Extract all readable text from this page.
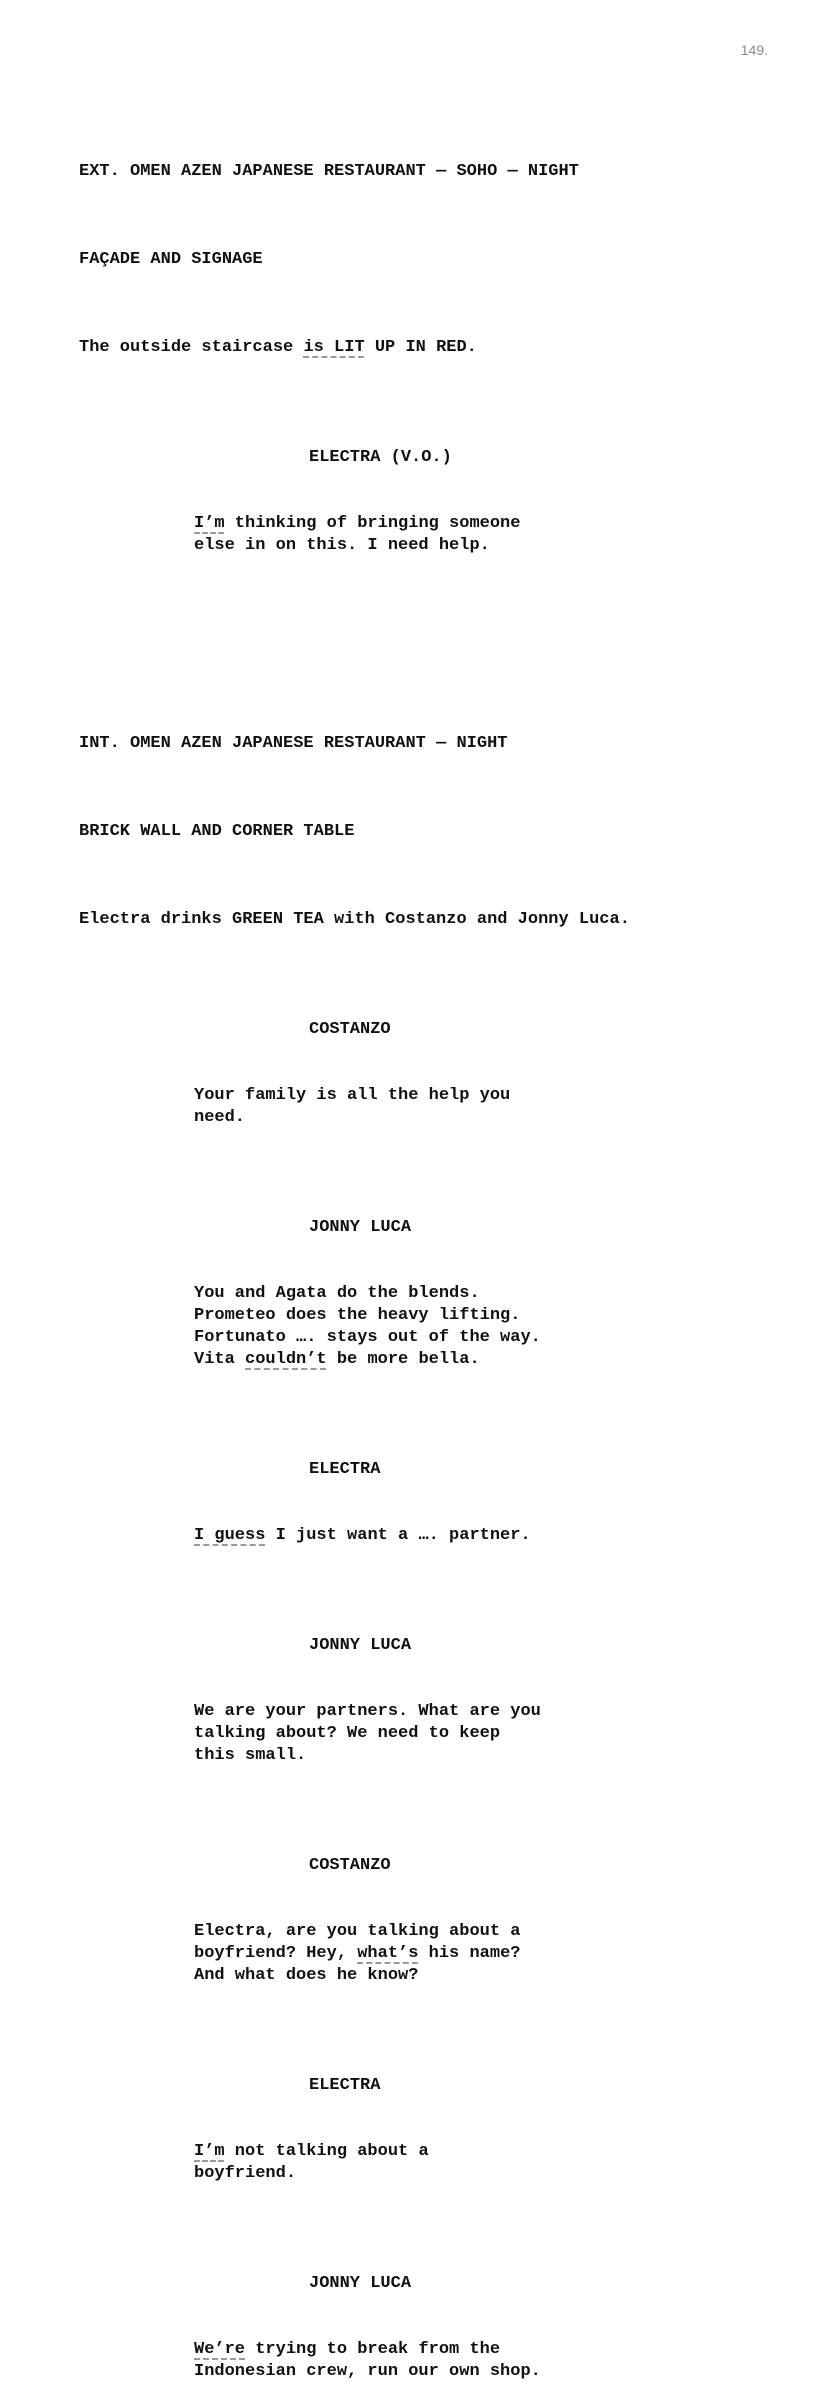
149.

EXT. OMEN AZEN JAPANESE RESTAURANT — SOHO — NIGHT

FAÇADE AND SIGNAGE

The outside staircase is LIT UP IN RED.

ELECTRA (V.O.)

I’m thinking of bringing someone
else in on this. I need help.

INT. OMEN AZEN JAPANESE RESTAURANT — NIGHT

BRICK WALL AND CORNER TABLE

Electra drinks GREEN TEA with Costanzo and Jonny Luca.

COSTANZO

Your family is all the help you
need.

JONNY LUCA

You and Agata do the blends.
Prometeo does the heavy lifting.
Fortunato …. stays out of the way.
Vita couldn’t be more bella.

ELECTRA

I guess I just want a …. partner.

JONNY LUCA

We are your partners. What are you
talking about? We need to keep
this small.

COSTANZO

Electra, are you talking about a
boyfriend? Hey, what’s his name?
And what does he know?

ELECTRA

I’m not talking about a
boyfriend.

JONNY LUCA

We’re trying to break from the
Indonesian crew, run our own shop.
